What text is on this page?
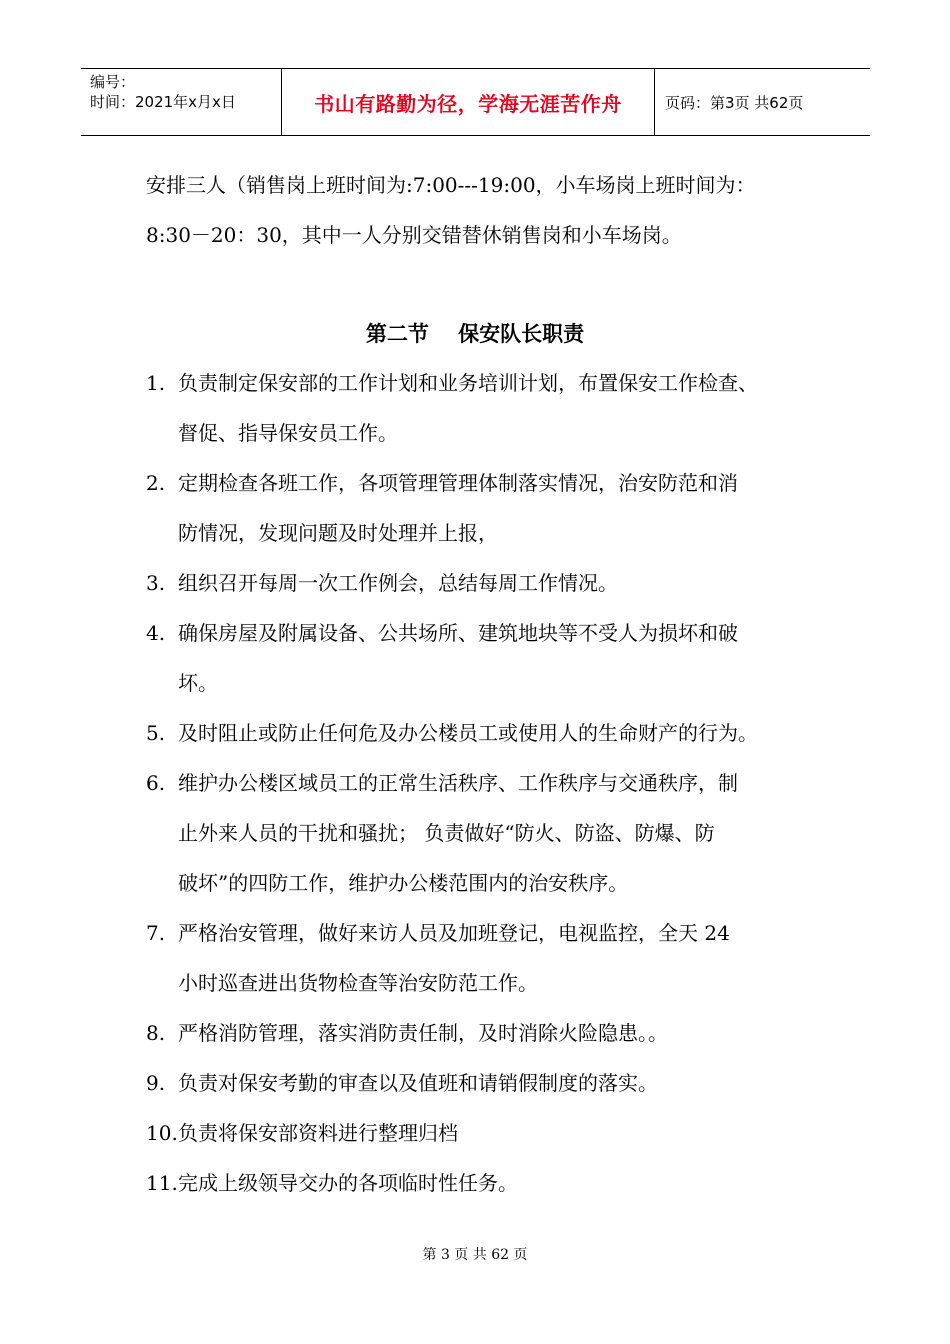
编号：
时间：2021年x月x日	书山有路勤为径，学海无涯苦作舟	页码：第3页 共62页
安排三人（销售岗上班时间为:7:00---19:00，小车场岗上班时间为：
8:30－20：30，其中一人分别交错替休销售岗和小车场岗。
第二节    保安队长职责
1. 负责制定保安部的工作计划和业务培训计划，布置保安工作检查、
督促、指导保安员工作。
2. 定期检查各班工作，各项管理管理体制落实情况，治安防范和消
防情况，发现问题及时处理并上报，
3. 组织召开每周一次工作例会，总结每周工作情况。
4. 确保房屋及附属设备、公共场所、建筑地块等不受人为损坏和破
坏。
5. 及时阻止或防止任何危及办公楼员工或使用人的生命财产的行为。
6. 维护办公楼区域员工的正常生活秩序、工作秩序与交通秩序，制
止外来人员的干扰和骚扰； 负责做好“防火、防盗、防爆、防
破坏”的四防工作，维护办公楼范围内的治安秩序。
7. 严格治安管理，做好来访人员及加班登记，电视监控，全天 24
小时巡查进出货物检查等治安防范工作。
8. 严格消防管理，落实消防责任制，及时消除火险隐患。。
9. 负责对保安考勤的审查以及值班和请销假制度的落实。
10. 负责将保安部资料进行整理归档
11. 完成上级领导交办的各项临时性任务。
第 3 页 共 62 页
